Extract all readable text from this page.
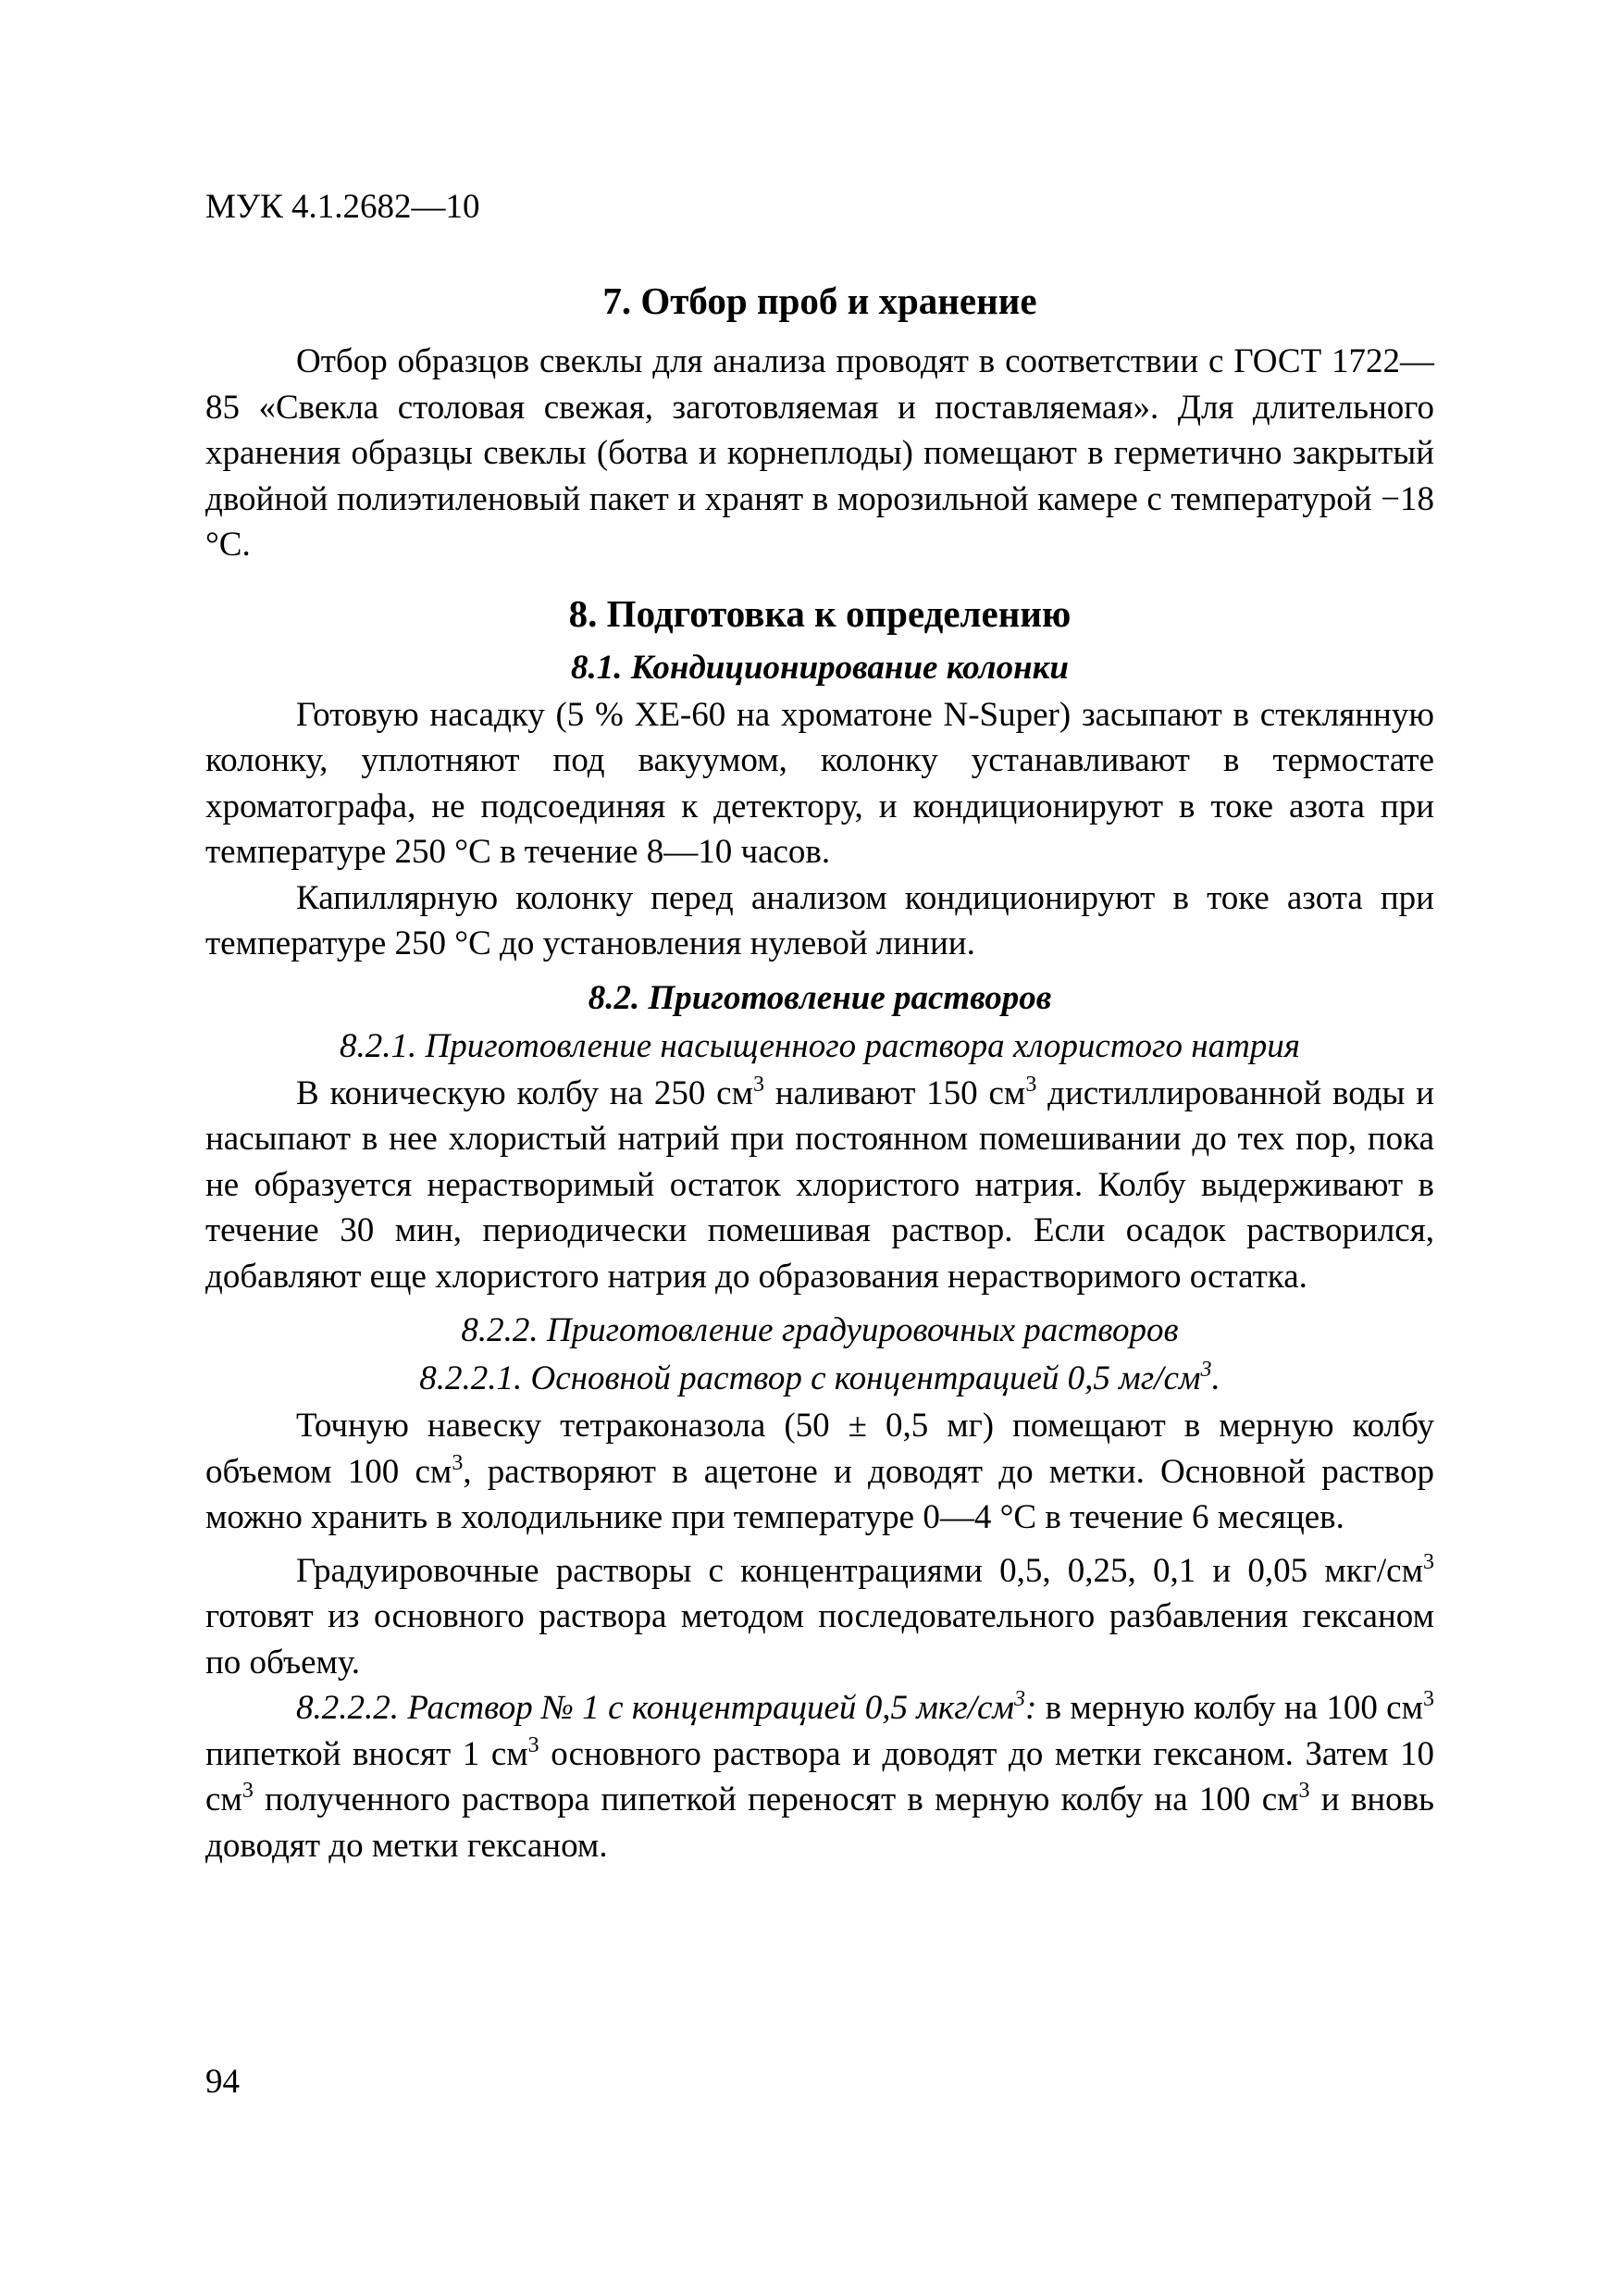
МУК 4.1.2682—10
7. Отбор проб и хранение

Отбор образцов свеклы для анализа проводят в соответствии с ГОСТ 1722—85 «Свекла столовая свежая, заготовляемая и поставляемая». Для длительного хранения образцы свеклы (ботва и корнеплоды) помещают в герметично закрытый двойной полиэтиленовый пакет и хранят в морозильной камере с температурой −18 °С.

8. Подготовка к определению
8.1. Кондиционирование колонки

Готовую насадку (5 % XE-60 на хроматоне N-Super) засыпают в стеклянную колонку, уплотняют под вакуумом, колонку устанавливают в термостате хроматографа, не подсоединяя к детектору, и кондиционируют в токе азота при температуре 250 °С в течение 8—10 часов.

Капиллярную колонку перед анализом кондиционируют в токе азота при температуре 250 °С до установления нулевой линии.

8.2. Приготовление растворов
8.2.1. Приготовление насыщенного раствора хлористого натрия

В коническую колбу на 250 $см^3$ наливают 150 $см^3$ дистиллированной воды и насыпают в нее хлористый натрий при постоянном помешивании до тех пор, пока не образуется нерастворимый остаток хлористого натрия. Колбу выдерживают в течение 30 мин, периодически помешивая раствор. Если осадок растворился, добавляют еще хлористого натрия до образования нерастворимого остатка.

8.2.2. Приготовление градуировочных растворов
8.2.2.1. Основной раствор с концентрацией 0,5 $мг/см^3$.

Точную навеску тетраконазола (50 ± 0,5 мг) помещают в мерную колбу объемом 100 $см^3$, растворяют в ацетоне и доводят до метки. Основной раствор можно хранить в холодильнике при температуре 0—4 °С в течение 6 месяцев.

Градуировочные растворы с концентрациями 0,5, 0,25, 0,1 и 0,05 мкг/$см^3$ готовят из основного раствора методом последовательного разбавления гексаном по объему.

8.2.2.2. Раствор № 1 с концентрацией 0,5 мкг/$см^3$: в мерную колбу на 100 $см^3$ пипеткой вносят 1 $см^3$ основного раствора и доводят до метки гексаном. Затем 10 $см^3$ полученного раствора пипеткой переносят в мерную колбу на 100 $см^3$ и вновь доводят до метки гексаном.

94
